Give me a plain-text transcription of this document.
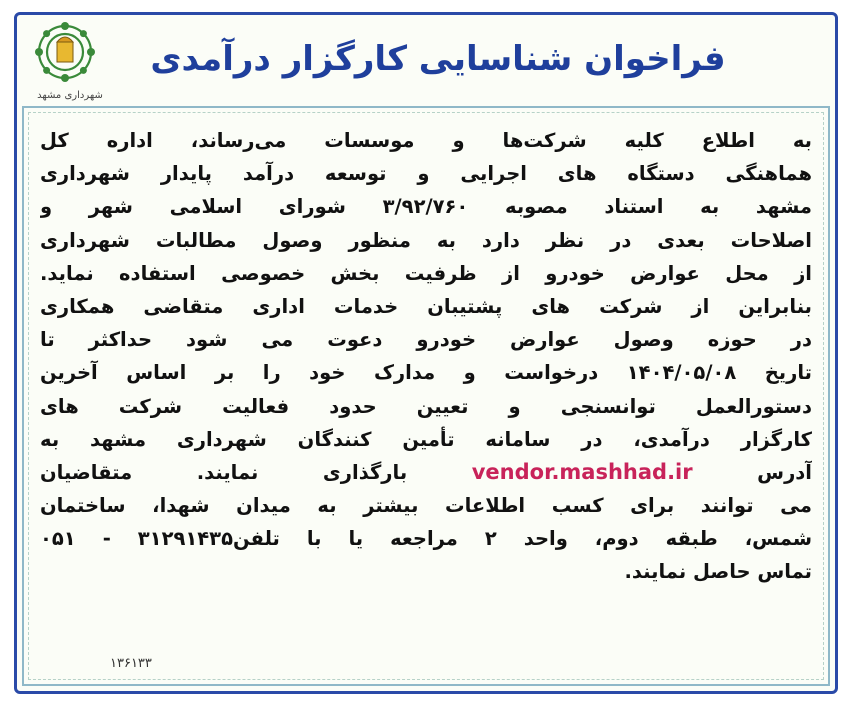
شهرداری مشهد
فراخوان شناسایی کارگزار درآمدی
به اطلاع کلیه شرکت‌ها و موسسات می‌رساند، اداره کل
هماهنگی دستگاه های اجرایی و توسعه درآمد پایدار شهرداری
مشهد به استناد مصوبه ۳/۹۲/۷۶۰ شورای اسلامی شهر و
اصلاحات بعدی در نظر دارد به منظور وصول مطالبات شهرداری
از محل عوارض خودرو از ظرفیت بخش خصوصی استفاده نماید.
بنابراین از شرکت های پشتیبان خدمات اداری متقاضی همکاری
در حوزه وصول عوارض خودرو دعوت می شود حداکثر تا
تاریخ ۱۴۰۴/۰۵/۰۸ درخواست و مدارک خود را بر اساس آخرین
دستورالعمل توانسنجی و تعیین حدود فعالیت شرکت های
کارگزار درآمدی، در سامانه تأمین کنندگان شهرداری مشهد به
آدرس vendor.mashhad.ir بارگذاری نمایند. متقاضیان
می توانند برای کسب اطلاعات بیشتر به میدان شهدا، ساختمان
شمس، طبقه دوم، واحد ۲ مراجعه یا با تلفن۳۱۲۹۱۴۳۵ - ۰۵۱
تماس حاصل نمایند.
۱۳۶۱۳۳
